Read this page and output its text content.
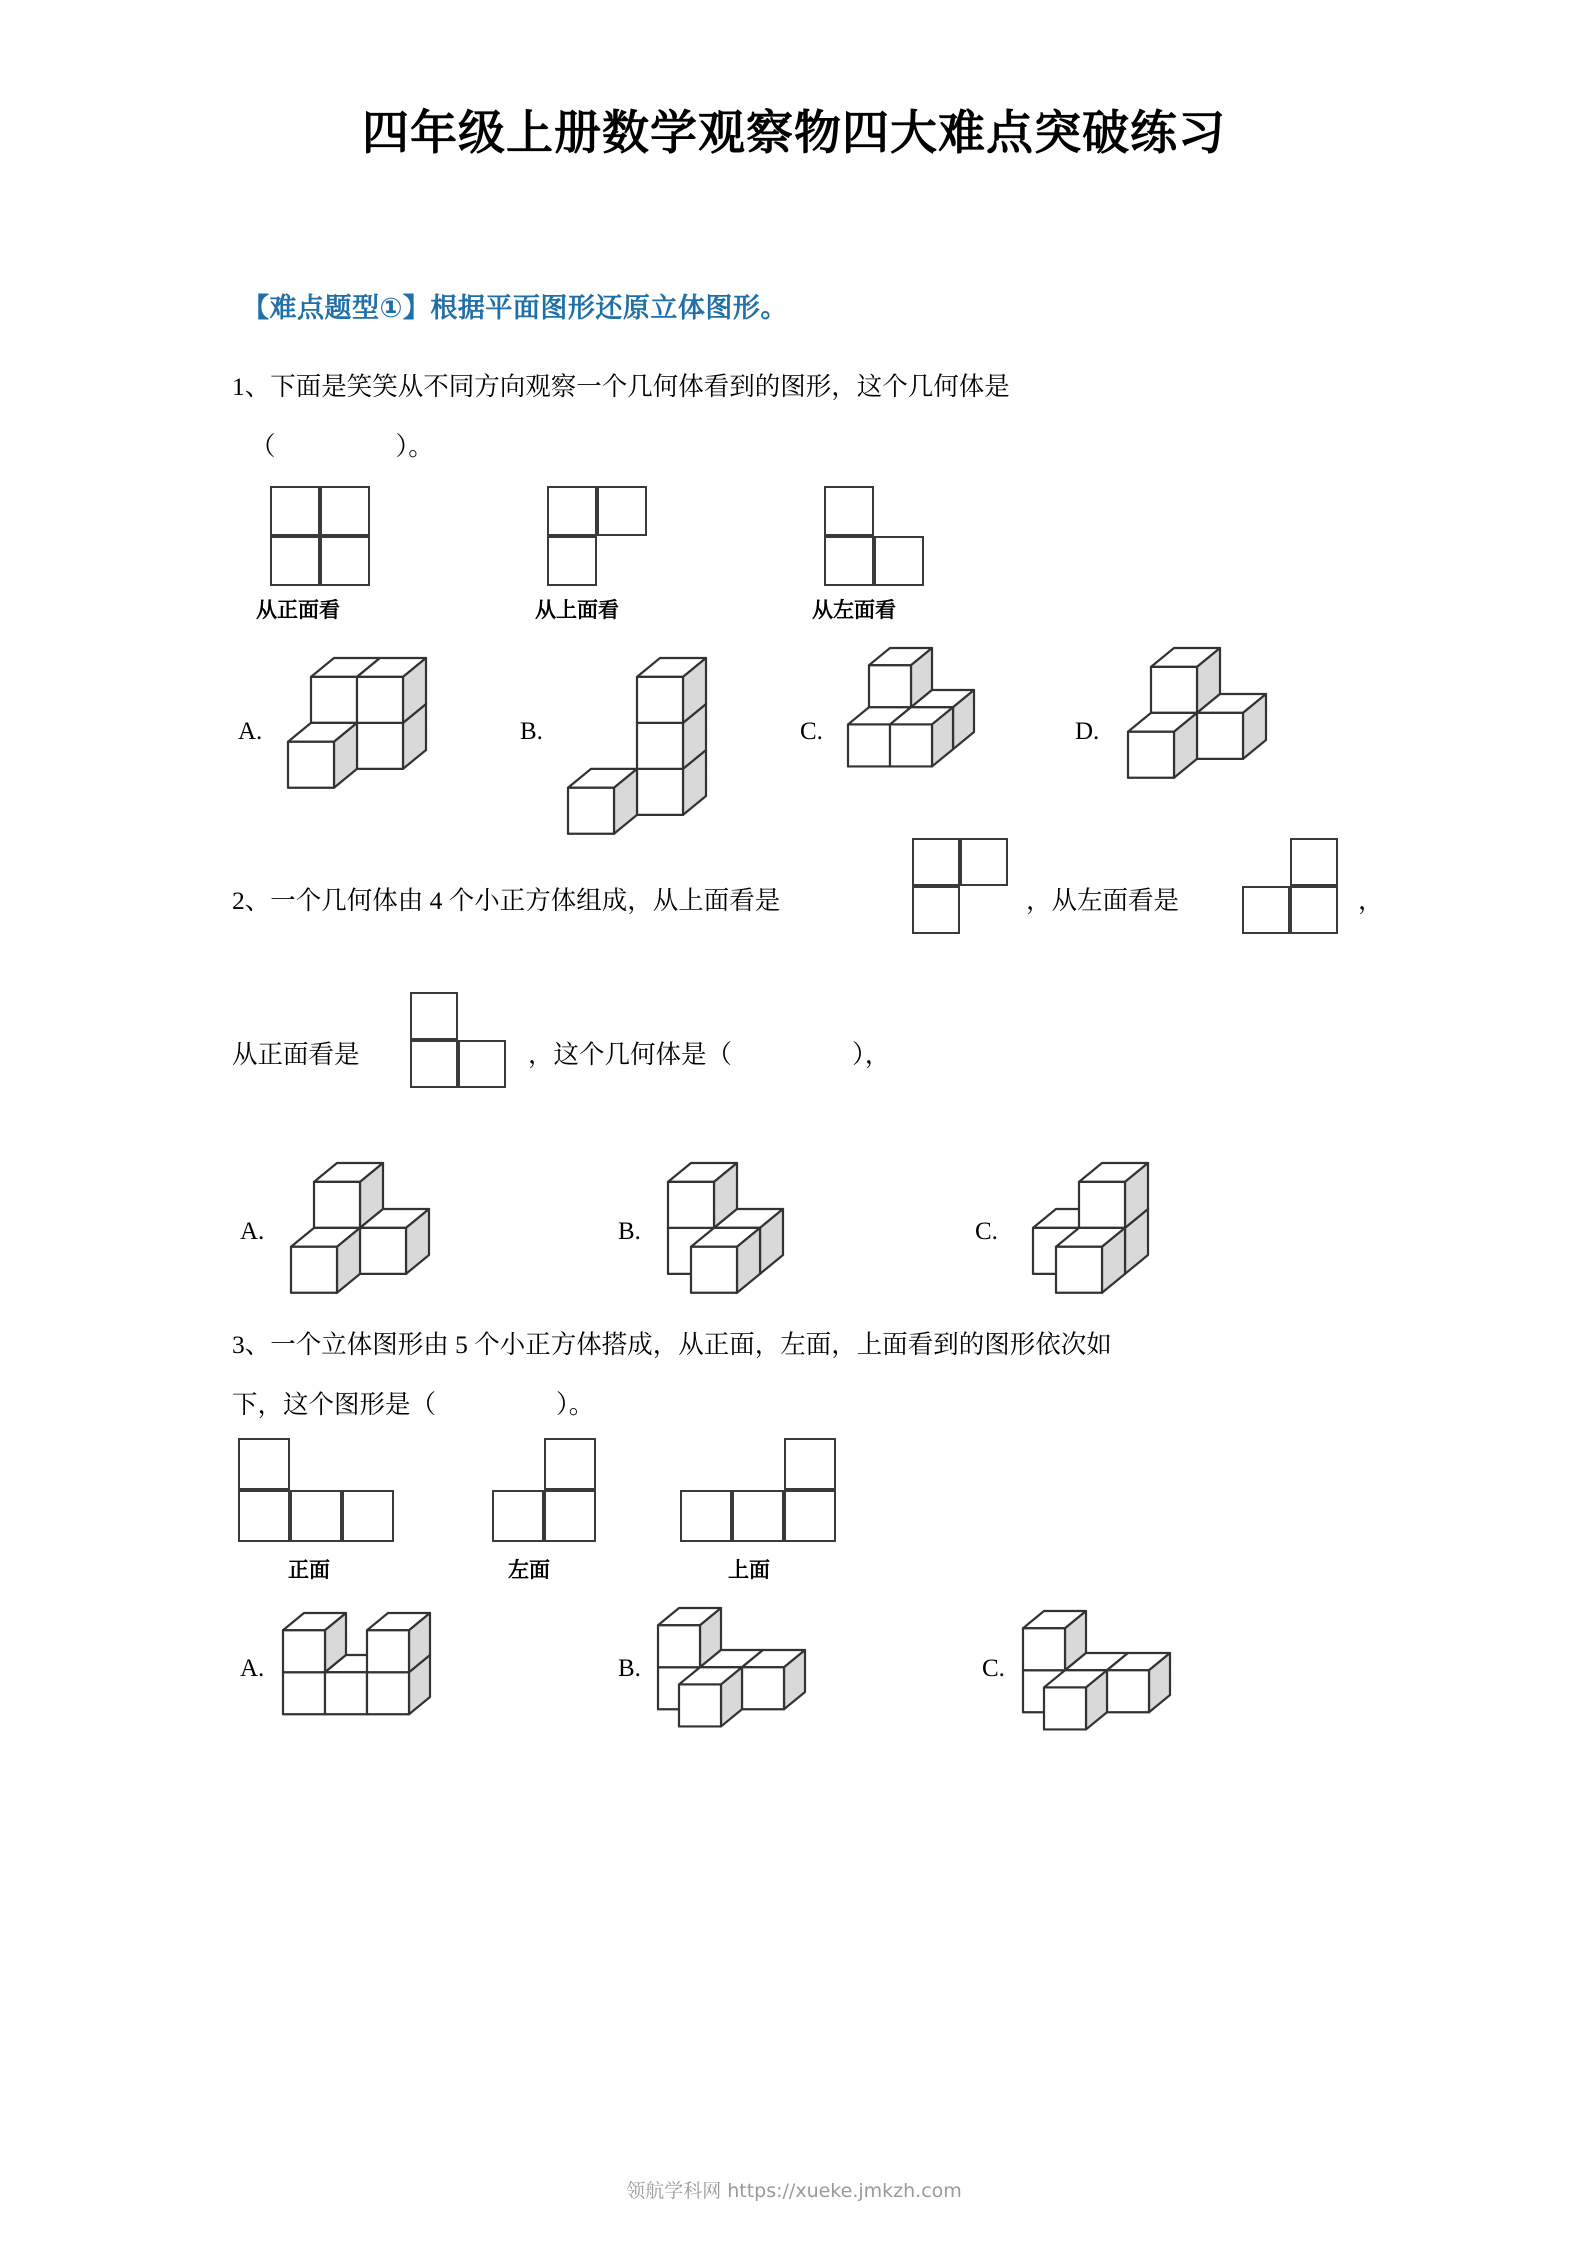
四年级上册数学观察物四大难点突破练习
【难点题型①】根据平面图形还原立体图形。
1、下面是笑笑从不同方向观察一个几何体看到的图形，这个几何体是
（	）。
从正面看	从上面看	从左面看
A.	B.	C.	D.
2、一个几何体由 4 个小正方体组成，从上面看是	，从左面看是	，
从正面看是	，这个几何体是（	），
A.	B.	C.
3、一个立体图形由 5 个小正方体搭成，从正面，左面，上面看到的图形依次如
下，这个图形是（	）。
正面	左面	上面
A.	B.	C.
领航学科网 https://xueke.jmkzh.com
